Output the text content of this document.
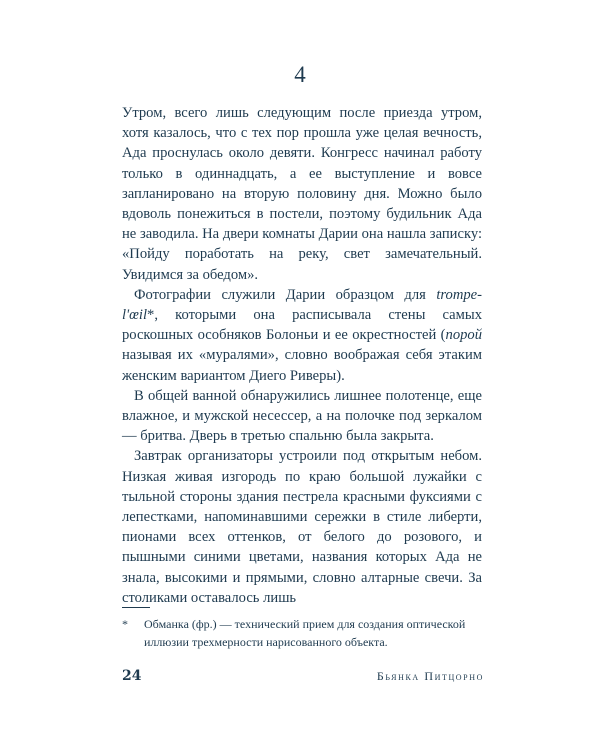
4

Утром, всего лишь следующим после приезда утром, хотя казалось, что с тех пор прошла уже целая вечность, Ада проснулась около девяти. Конгресс начинал работу только в одиннадцать, а ее выступление и вовсе запланировано на вторую половину дня. Можно было вдоволь понежиться в постели, поэтому будильник Ада не заводила. На двери комнаты Дарии она нашла записку: «Пойду поработать на реку, свет замечательный. Увидимся за обедом».

Фотографии служили Дарии образцом для trompe-l'œil*, которыми она расписывала стены самых роскошных особняков Болоньи и ее окрестностей (порой называя их «муралями», словно воображая себя этаким женским вариантом Диего Риверы).

В общей ванной обнаружились лишнее полотенце, еще влажное, и мужской несессер, а на полочке под зеркалом — бритва. Дверь в третью спальню была закрыта.

Завтрак организаторы устроили под открытым небом. Низкая живая изгородь по краю большой лужайки с тыльной стороны здания пестрела красными фуксиями с лепестками, напоминавшими сережки в стиле либерти, пионами всех оттенков, от белого до розового, и пышными синими цветами, названия которых Ада не знала, высокими и прямыми, словно алтарные свечи. За столиками оставалось лишь

*	Обманка (фр.) — технический прием для создания оптической иллюзии трехмерности нарисованного объекта.
24	Бьянка Питцорно
